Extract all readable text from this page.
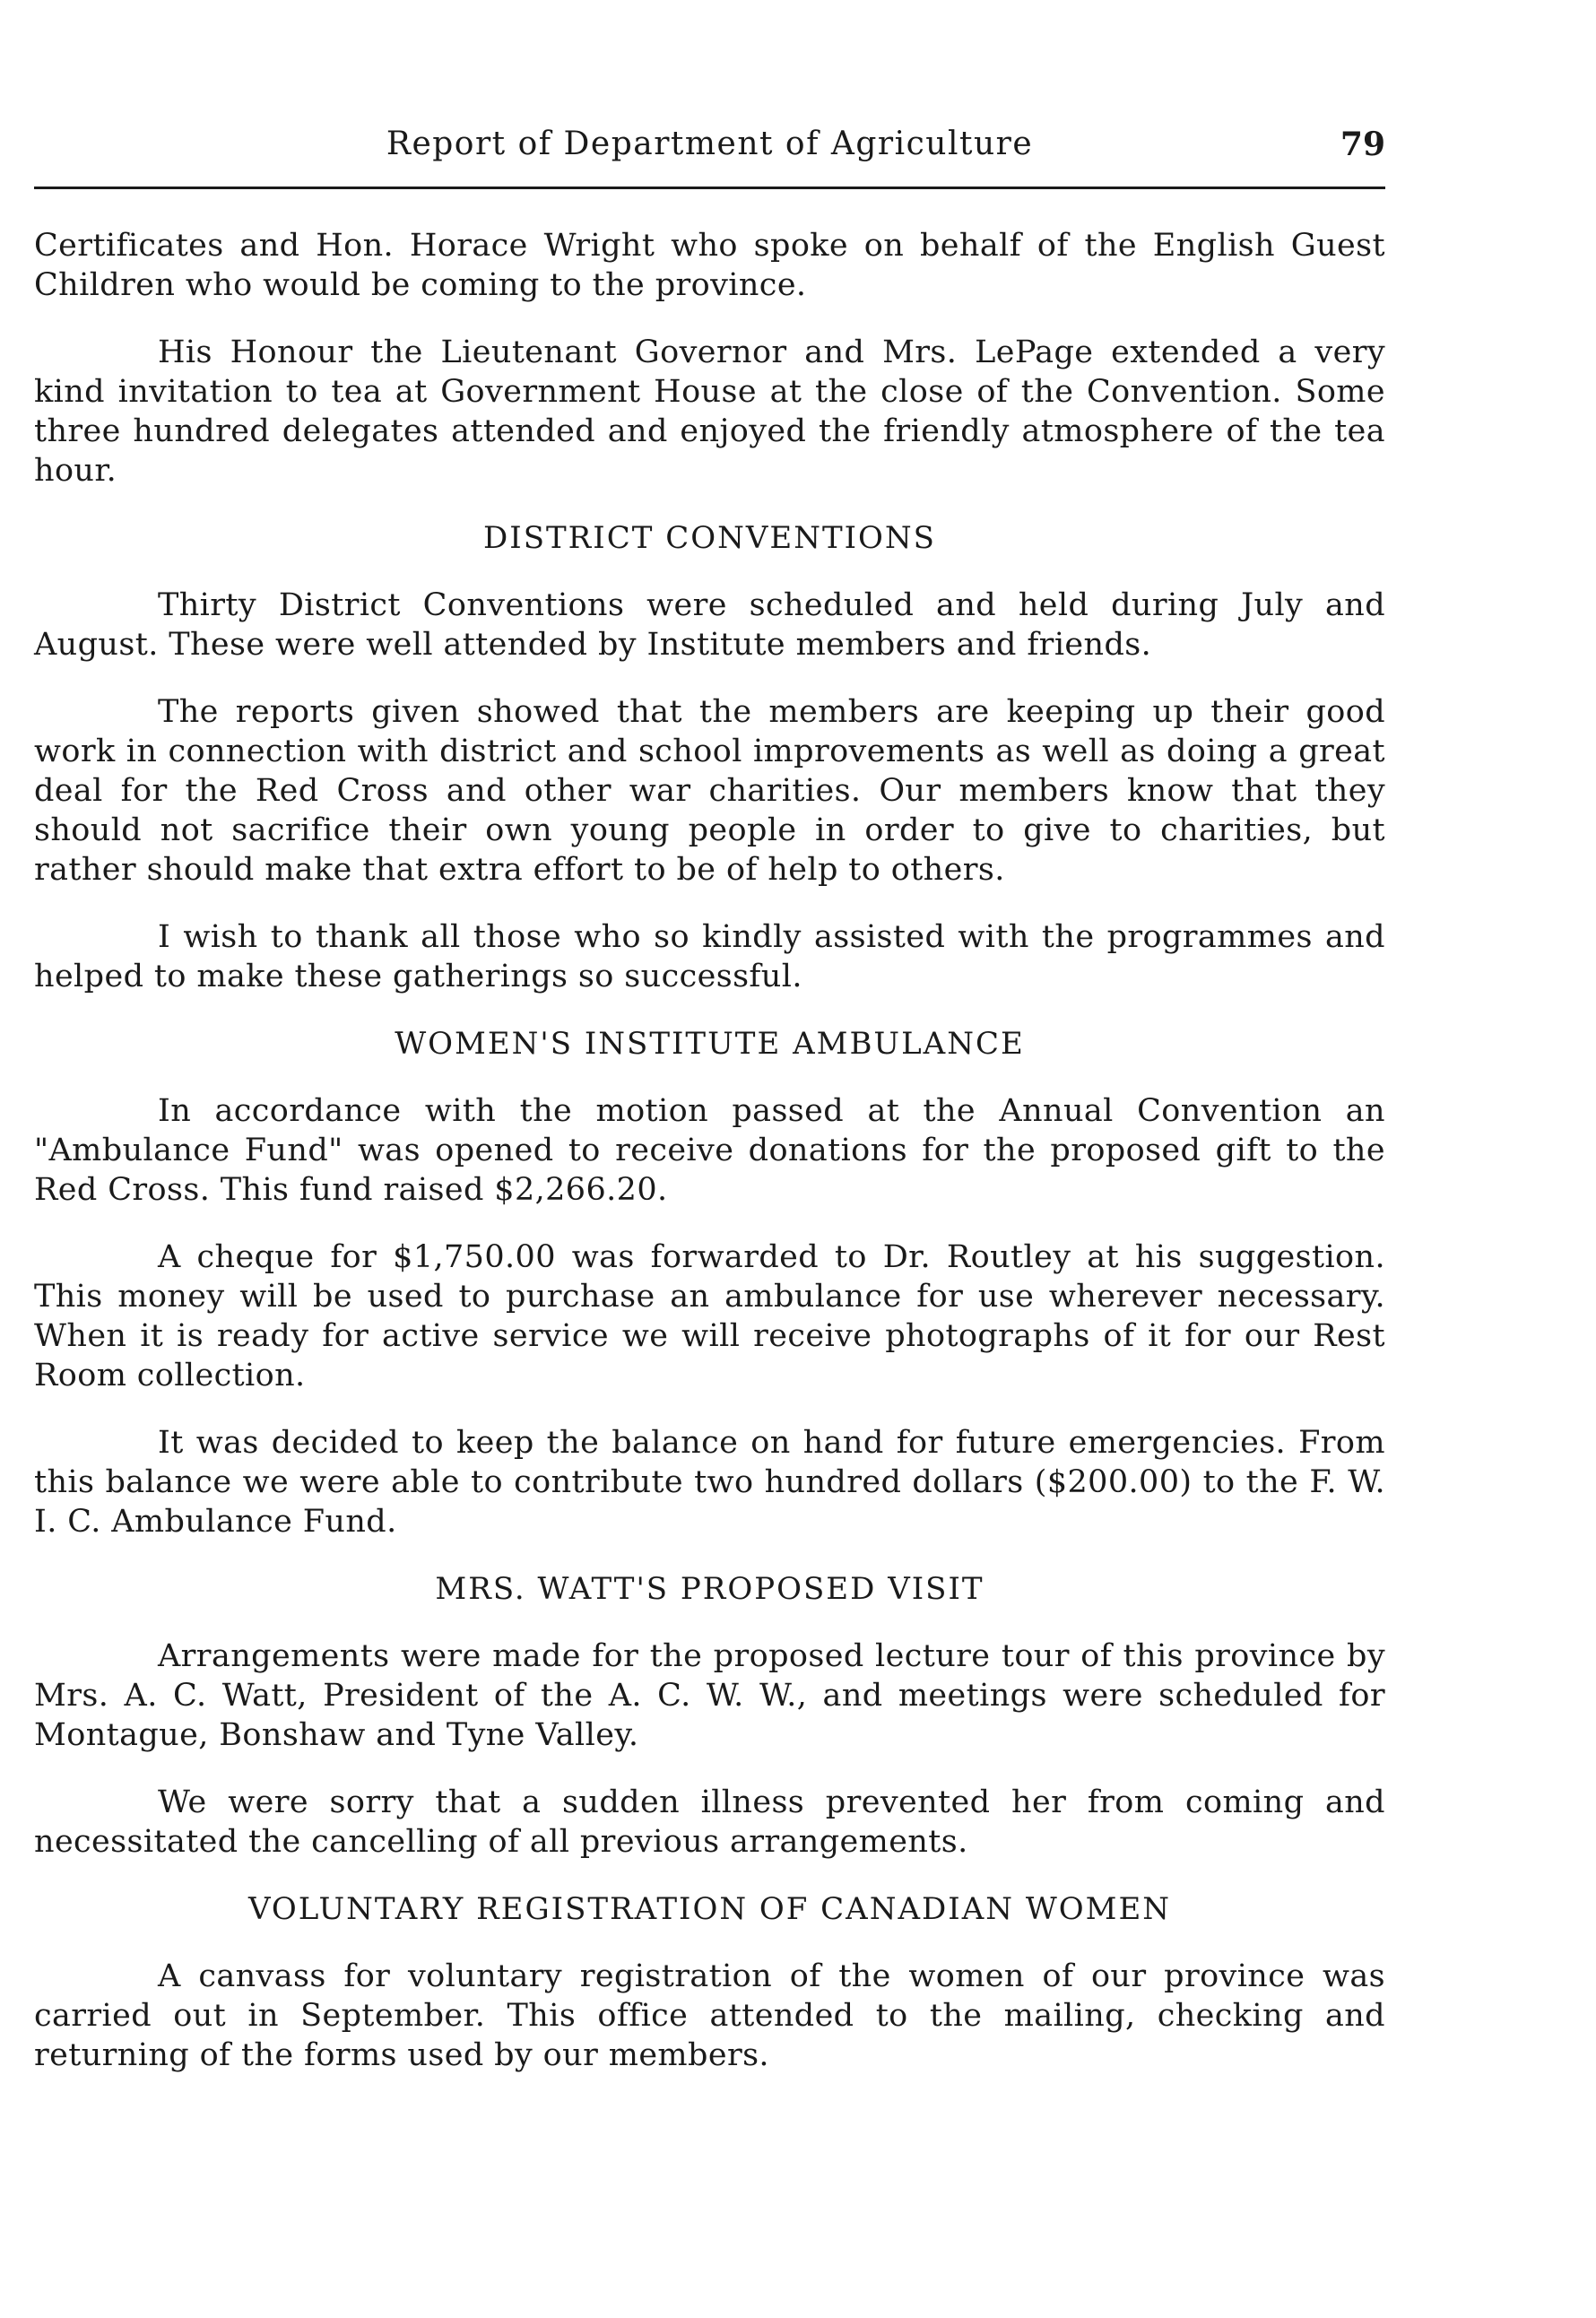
Report of Department of Agriculture	79

Certificates and Hon. Horace Wright who spoke on behalf of the English Guest Children who would be coming to the province.

His Honour the Lieutenant Governor and Mrs. LePage extended a very kind invitation to tea at Government House at the close of the Convention. Some three hundred delegates attended and enjoyed the friendly atmosphere of the tea hour.

DISTRICT CONVENTIONS

Thirty District Conventions were scheduled and held during July and August. These were well attended by Institute members and friends.

The reports given showed that the members are keeping up their good work in connection with district and school improvements as well as doing a great deal for the Red Cross and other war charities. Our members know that they should not sacrifice their own young people in order to give to charities, but rather should make that extra effort to be of help to others.

I wish to thank all those who so kindly assisted with the programmes and helped to make these gatherings so successful.

WOMEN'S INSTITUTE AMBULANCE

In accordance with the motion passed at the Annual Convention an "Ambulance Fund" was opened to receive donations for the proposed gift to the Red Cross. This fund raised $2,266.20.

A cheque for $1,750.00 was forwarded to Dr. Routley at his suggestion. This money will be used to purchase an ambulance for use wherever necessary. When it is ready for active service we will receive photographs of it for our Rest Room collection.

It was decided to keep the balance on hand for future emergencies. From this balance we were able to contribute two hundred dollars ($200.00) to the F. W. I. C. Ambulance Fund.

MRS. WATT'S PROPOSED VISIT

Arrangements were made for the proposed lecture tour of this province by Mrs. A. C. Watt, President of the A. C. W. W., and meetings were scheduled for Montague, Bonshaw and Tyne Valley.

We were sorry that a sudden illness prevented her from coming and necessitated the cancelling of all previous arrangements.

VOLUNTARY REGISTRATION OF CANADIAN WOMEN

A canvass for voluntary registration of the women of our province was carried out in September. This office attended to the mailing, checking and returning of the forms used by our members.
